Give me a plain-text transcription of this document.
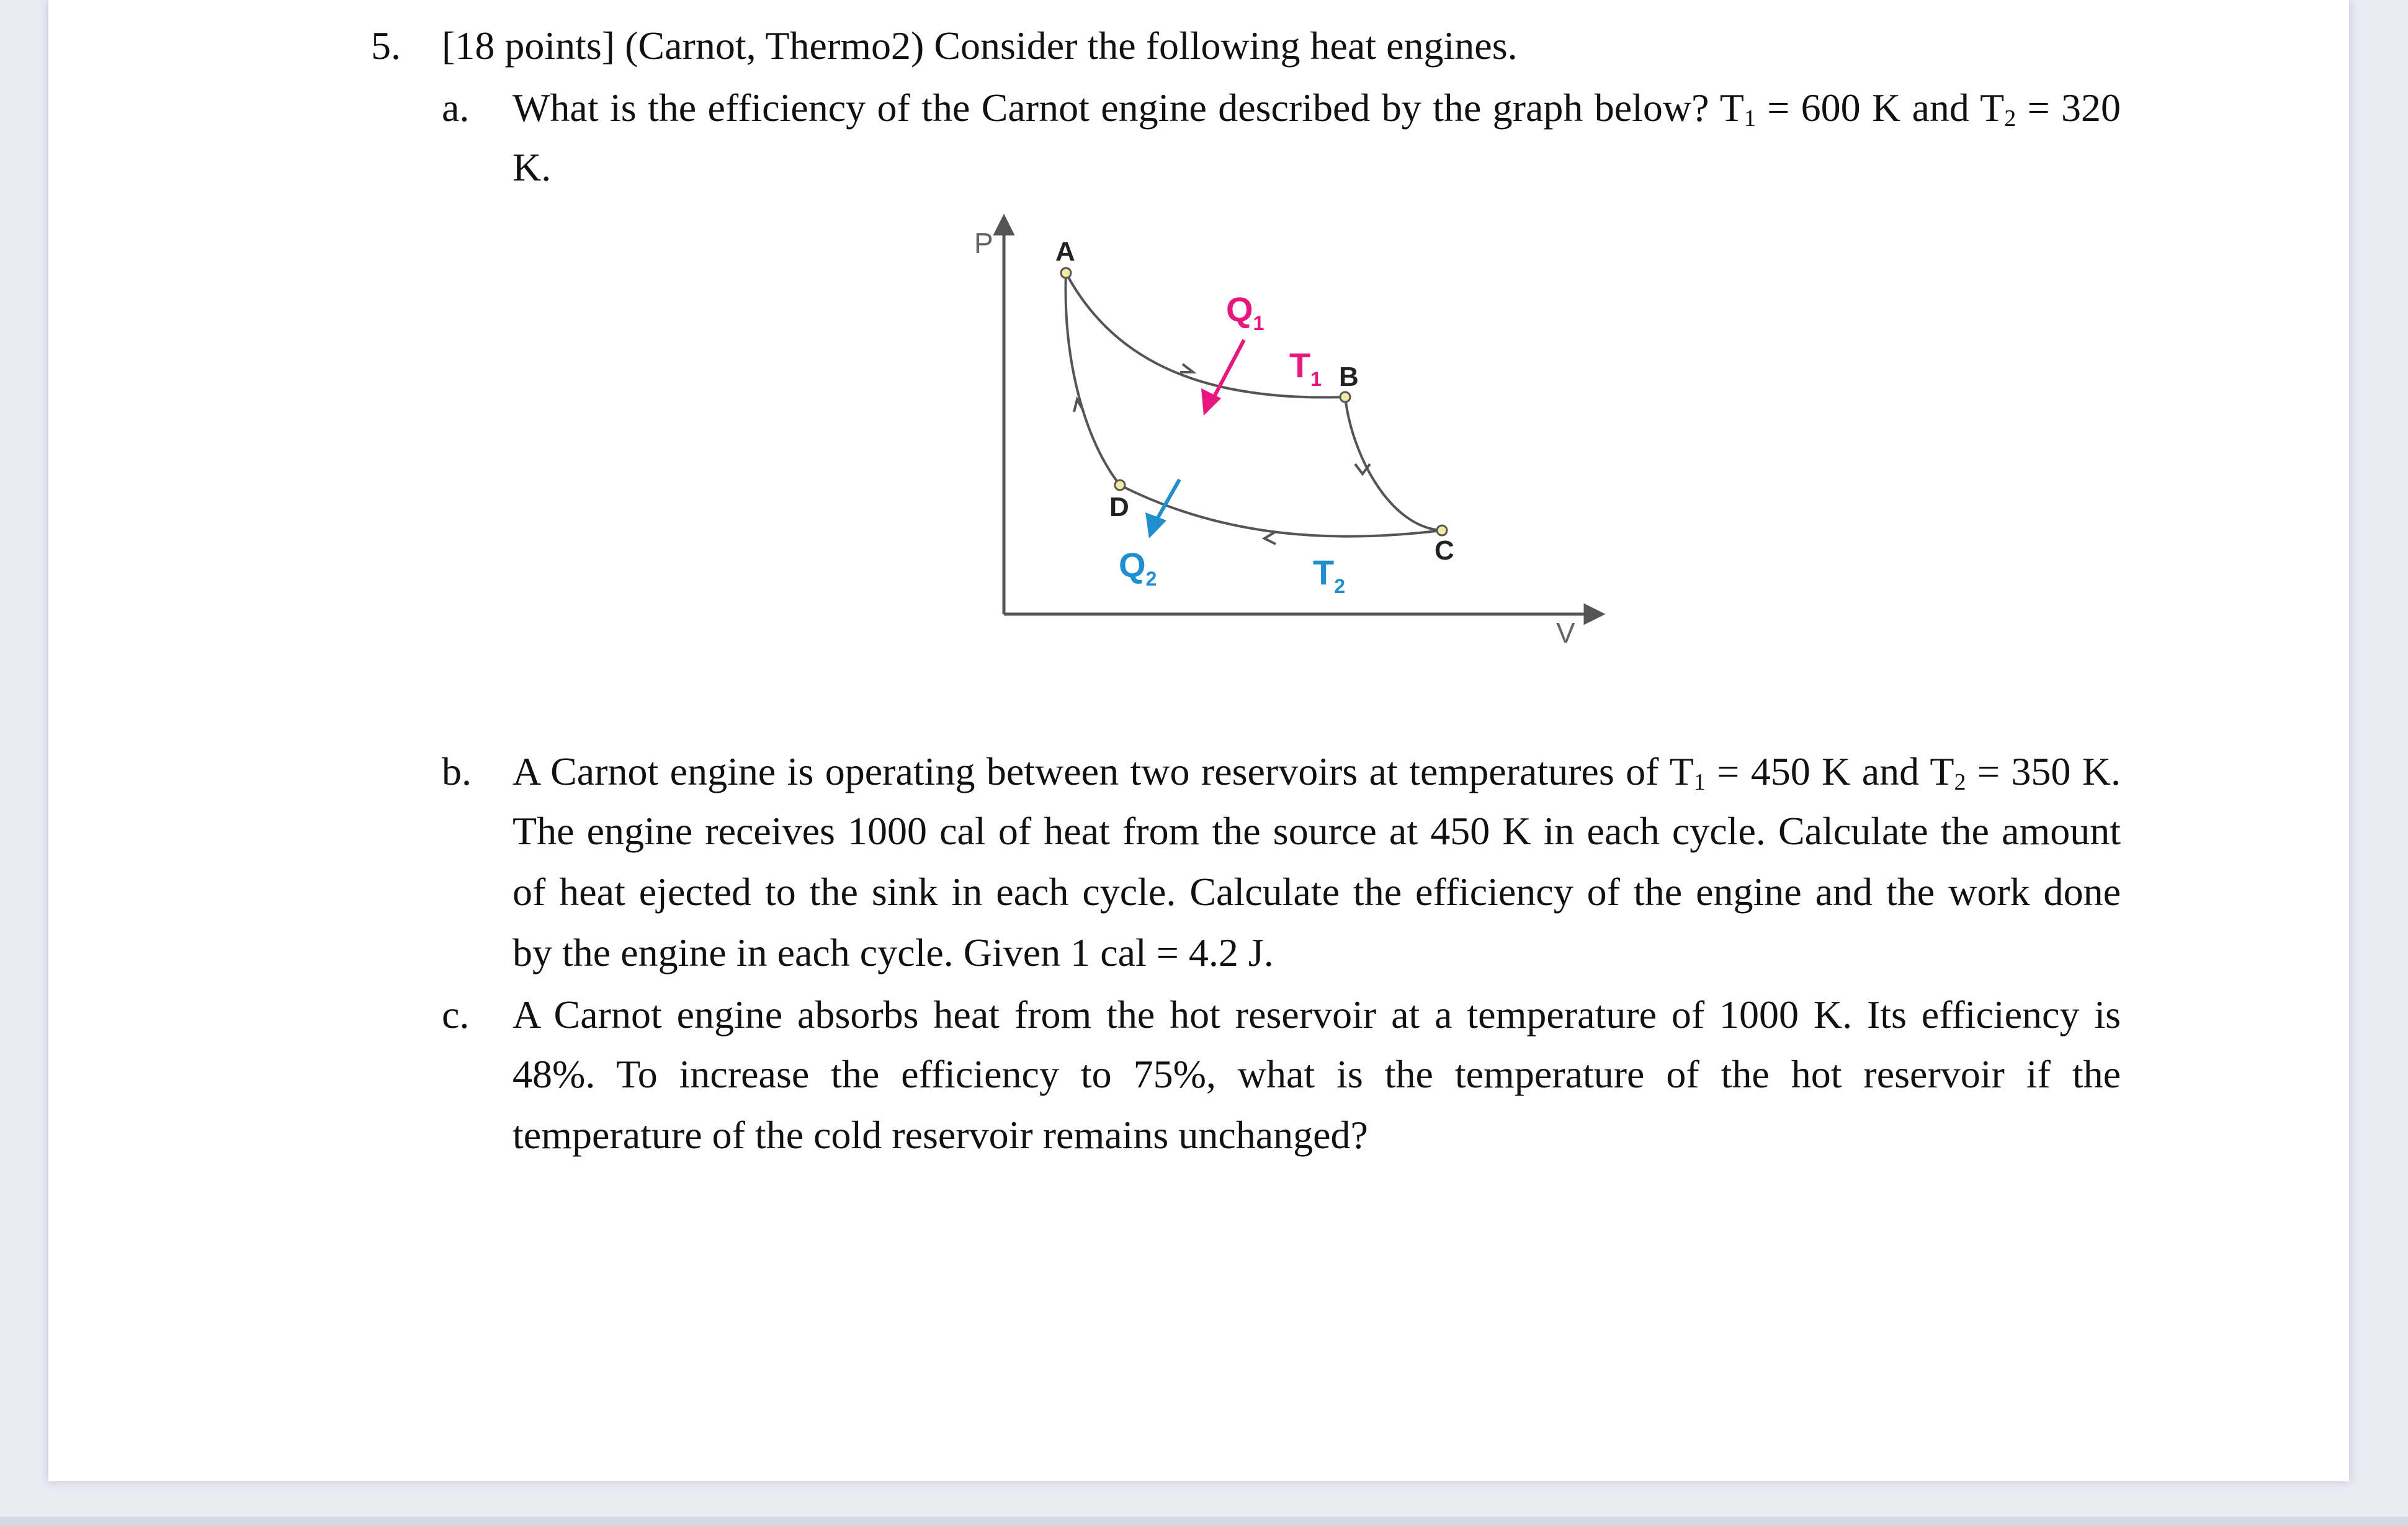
5. [18 points] (Carnot, Thermo2) Consider the following heat engines.
a. What is the efficiency of the Carnot engine described by the graph below? $T_1 = 600$ K and $T_2 = 320$
K.
P
V
A
B
C
D
$Q_1$
$T_1$
$Q_2$	$T_2$
b. A Carnot engine is operating between two reservoirs at temperatures of $T_1 = 450$ K and $T_2 = 350$ K.
The engine receives 1000 cal of heat from the source at 450 K in each cycle. Calculate the amount
of heat ejected to the sink in each cycle. Calculate the efficiency of the engine and the work done
by the engine in each cycle. Given 1 cal = 4.2 J.
c. A Carnot engine absorbs heat from the hot reservoir at a temperature of 1000 K. Its efficiency is
48%. To increase the efficiency to 75%, what is the temperature of the hot reservoir if the
temperature of the cold reservoir remains unchanged?
